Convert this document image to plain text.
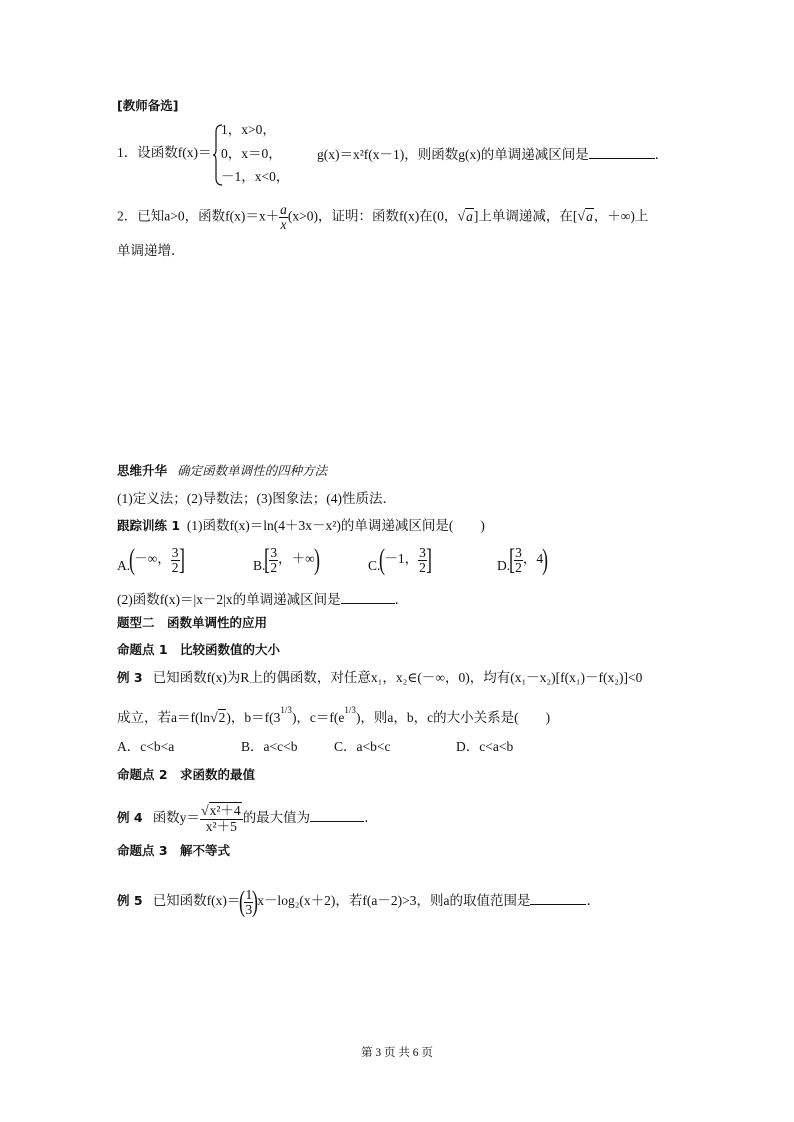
[教师备选]
1．设函数f(x)＝
1，x>0，
0，x＝0，
－1，x<0，
g(x)＝x²f(x－1)，则函数g(x)的单调递减区间是	．
2．已知a>0，函数$f(x)=x+ \frac{a}{x} (x>0)$，证明：函数f(x)在(0，√a]上单调递减，在[√a，＋∞)上
单调递增．
思维升华 确定函数单调性的四种方法
(1)定义法；(2)导数法；(3)图象法；(4)性质法．
跟踪训练 1 (1)函数f(x)＝ln(4＋3x－x²)的单调递减区间是(　　)
A.(－∞， $\frac{3}{2}$ ]	$B.[ \frac{3}{2}$ ，＋∞)	C.(－1， $\frac{3}{2}$ ]	$D.[ \frac{3}{2}$ ，4)
(2)函数f(x)＝|x－2|x的单调递减区间是	．
题型二　函数单调性的应用
命题点 1　比较函数值的大小
例 3 已知函数f(x)为R上的偶函数，对任意x₁，x₂∈(－∞，0)，均有(x₁－x₂)[f(x₁)－f(x₂)]<0
成立，若a＝f(ln√2)，$b=f(3^{1/3})$，$c=f(e^{1/3})$，则a，b，c的大小关系是(　　)
A．c<b<a	B．a<c<b	C．a<b<c	D．c<a<b
命题点 2　求函数的最值
例 4 函数$y= \frac{\text{√x²＋4}}{\text{x²＋5}}$ 的最大值为	．
命题点 3　解不等式
例 5 已知函数$f(x)=( \frac{1}{3} )x-\log_2(x+2)$，若f(a－2)>3，则a的取值范围是	．
第 3 页 共 6 页
